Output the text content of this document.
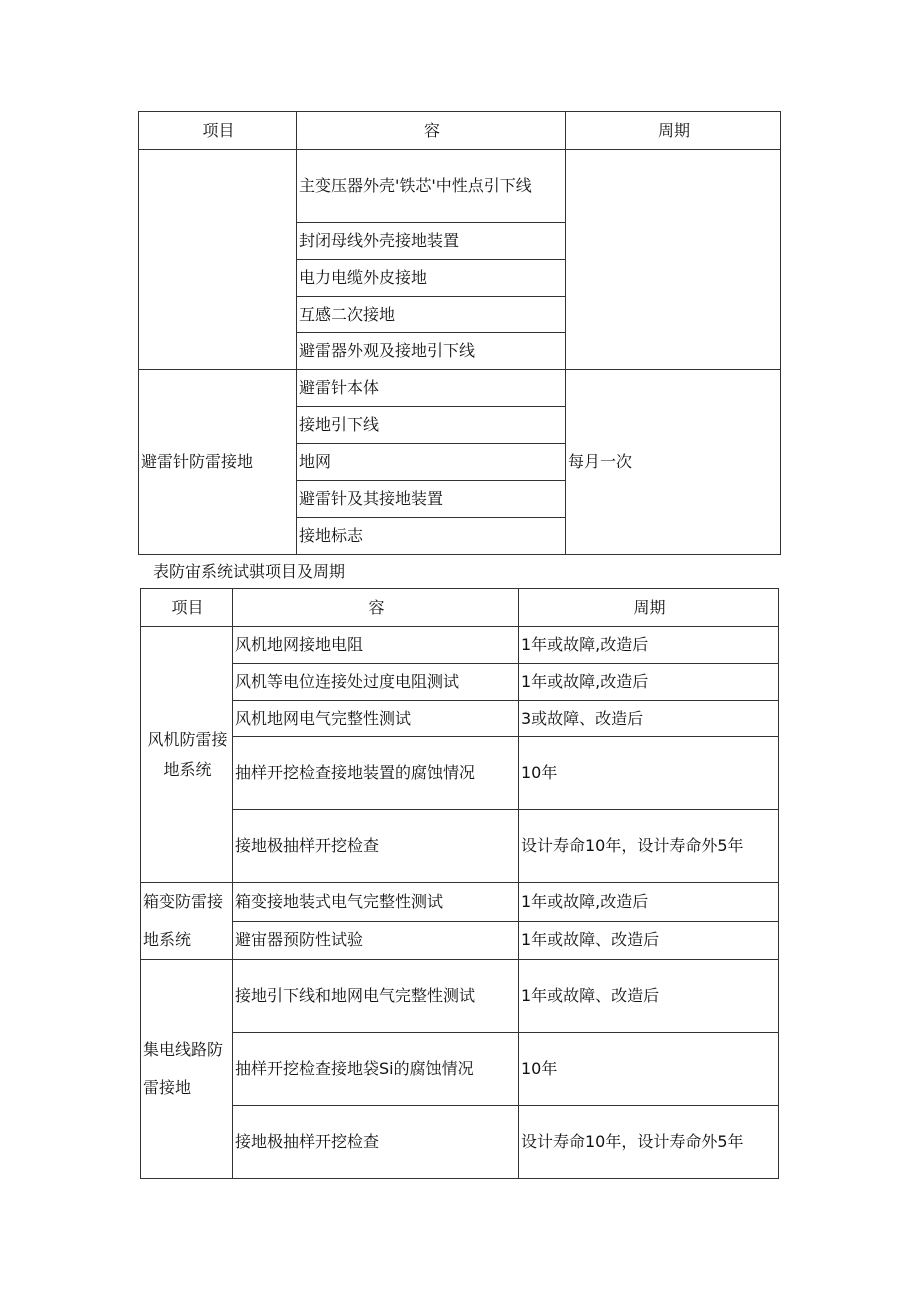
项目	容	周期
	主变压器外壳'铁芯'中性点引下线	
	封闭母线外壳接地装置	
	电力电缆外皮接地	
	互感二次接地	
	避雷器外观及接地引下线	
避雷针防雷接地	避雷针本体	每月一次
	接地引下线	
	地网	
	避雷针及其接地装置	
	接地标志	
表防宙系统试骐项目及周期
项目	容	周期
风机防雷接地系统	风机地网接地电阻	1年或故障,改造后
	风机等电位连接处过度电阻测试	1年或故障,改造后
	风机地网电气完整性测试	3或故障、改造后
	抽样开挖检查接地装置的腐蚀情况	10年
	接地极抽样开挖检查	设计寿命10年，设计寿命外5年
箱变防雷接地系统	箱变接地装式电气完整性测试	1年或故障,改造后
	避宙器预防性试验	1年或故障、改造后
集电线路防雷接地	接地引下线和地网电气完整性测试	1年或故障、改造后
	抽样开挖检查接地袋Si的腐蚀情况	10年
	接地极抽样开挖检查	设计寿命10年，设计寿命外5年
